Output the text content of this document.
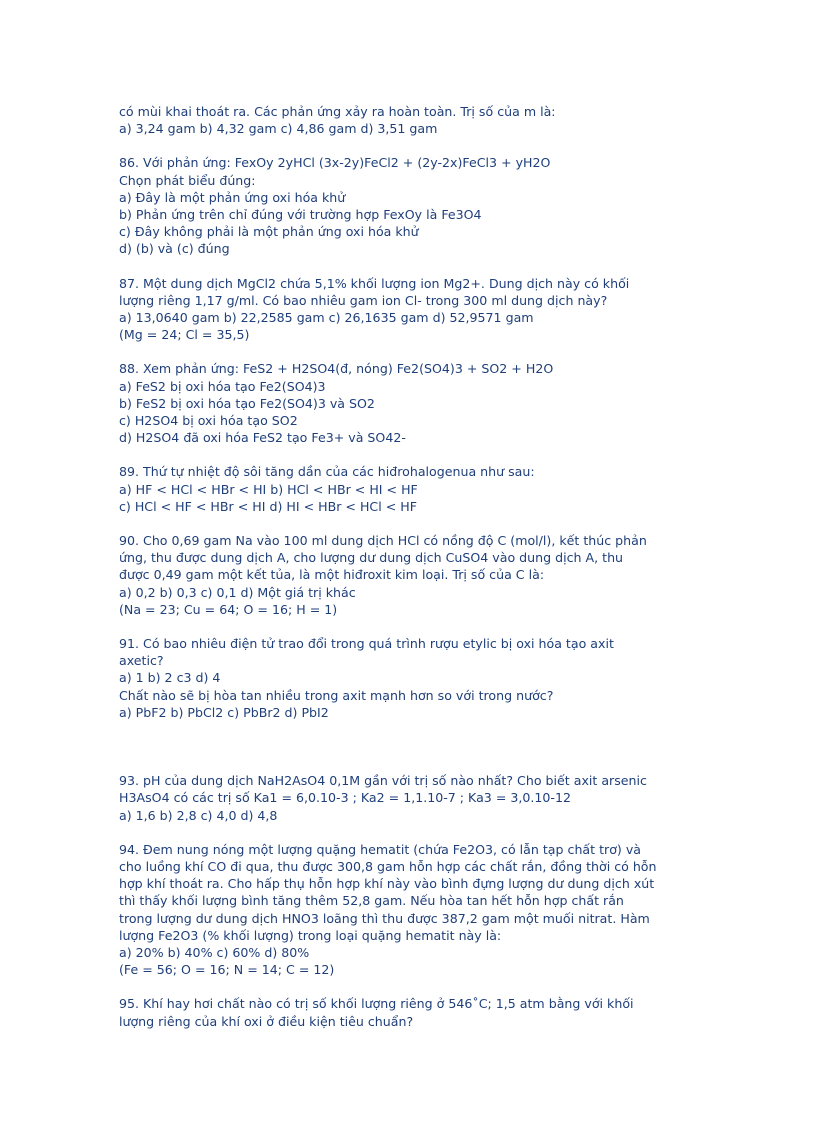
có mùi khai thoát ra. Các phản ứng xảy ra hoàn toàn. Trị số của m là:
a) 3,24 gam b) 4,32 gam c) 4,86 gam d) 3,51 gam
86. Với phản ứng: FexOy 2yHCl (3x-2y)FeCl2 + (2y-2x)FeCl3 + yH2O
Chọn phát biểu đúng:
a) Đây là một phản ứng oxi hóa khử
b) Phản ứng trên chỉ đúng với trường hợp FexOy là Fe3O4
c) Đây không phải là một phản ứng oxi hóa khử
d) (b) và (c) đúng
87. Một dung dịch MgCl2 chứa 5,1% khối lượng ion Mg2+. Dung dịch này có khối
lượng riêng 1,17 g/ml. Có bao nhiêu gam ion Cl- trong 300 ml dung dịch này?
a) 13,0640 gam b) 22,2585 gam c) 26,1635 gam d) 52,9571 gam
(Mg = 24; Cl = 35,5)
88. Xem phản ứng: FeS2 + H2SO4(đ, nóng) Fe2(SO4)3 + SO2 + H2O
a) FeS2 bị oxi hóa tạo Fe2(SO4)3
b) FeS2 bị oxi hóa tạo Fe2(SO4)3 và SO2
c) H2SO4 bị oxi hóa tạo SO2
d) H2SO4 đã oxi hóa FeS2 tạo Fe3+ và SO42-
89. Thứ tự nhiệt độ sôi tăng dần của các hiđrohalogenua như sau:
a) HF < HCl < HBr < HI b) HCl < HBr < HI < HF
c) HCl < HF < HBr < HI d) HI < HBr < HCl < HF
90. Cho 0,69 gam Na vào 100 ml dung dịch HCl có nồng độ C (mol/l), kết thúc phản
ứng, thu được dung dịch A, cho lượng dư dung dịch CuSO4 vào dung dịch A, thu
được 0,49 gam một kết tủa, là một hiđroxit kim loại. Trị số của C là:
a) 0,2 b) 0,3 c) 0,1 d) Một giá trị khác
(Na = 23; Cu = 64; O = 16; H = 1)
91. Có bao nhiêu điện tử trao đổi trong quá trình rượu etylic bị oxi hóa tạo axit
axetic?
a) 1 b) 2 c3 d) 4
Chất nào sẽ bị hòa tan nhiều trong axit mạnh hơn so với trong nước?
a) PbF2 b) PbCl2 c) PbBr2 d) PbI2
93. pH của dung dịch NaH2AsO4 0,1M gần với trị số nào nhất? Cho biết axit arsenic
H3AsO4 có các trị số Ka1 = 6,0.10-3 ; Ka2 = 1,1.10-7 ; Ka3 = 3,0.10-12
a) 1,6 b) 2,8 c) 4,0 d) 4,8
94. Đem nung nóng một lượng quặng hematit (chứa Fe2O3, có lẫn tạp chất trơ) và
cho luồng khí CO đi qua, thu được 300,8 gam hỗn hợp các chất rắn, đồng thời có hỗn
hợp khí thoát ra. Cho hấp thụ hỗn hợp khí này vào bình đựng lượng dư dung dịch xút
thì thấy khối lượng bình tăng thêm 52,8 gam. Nếu hòa tan hết hỗn hợp chất rắn
trong lượng dư dung dịch HNO3 loãng thì thu được 387,2 gam một muối nitrat. Hàm
lượng Fe2O3 (% khối lượng) trong loại quặng hematit này là:
a) 20% b) 40% c) 60% d) 80%
(Fe = 56; O = 16; N = 14; C = 12)
95. Khí hay hơi chất nào có trị số khối lượng riêng ở 546˚C; 1,5 atm bằng với khối
lượng riêng của khí oxi ở điều kiện tiêu chuẩn?
